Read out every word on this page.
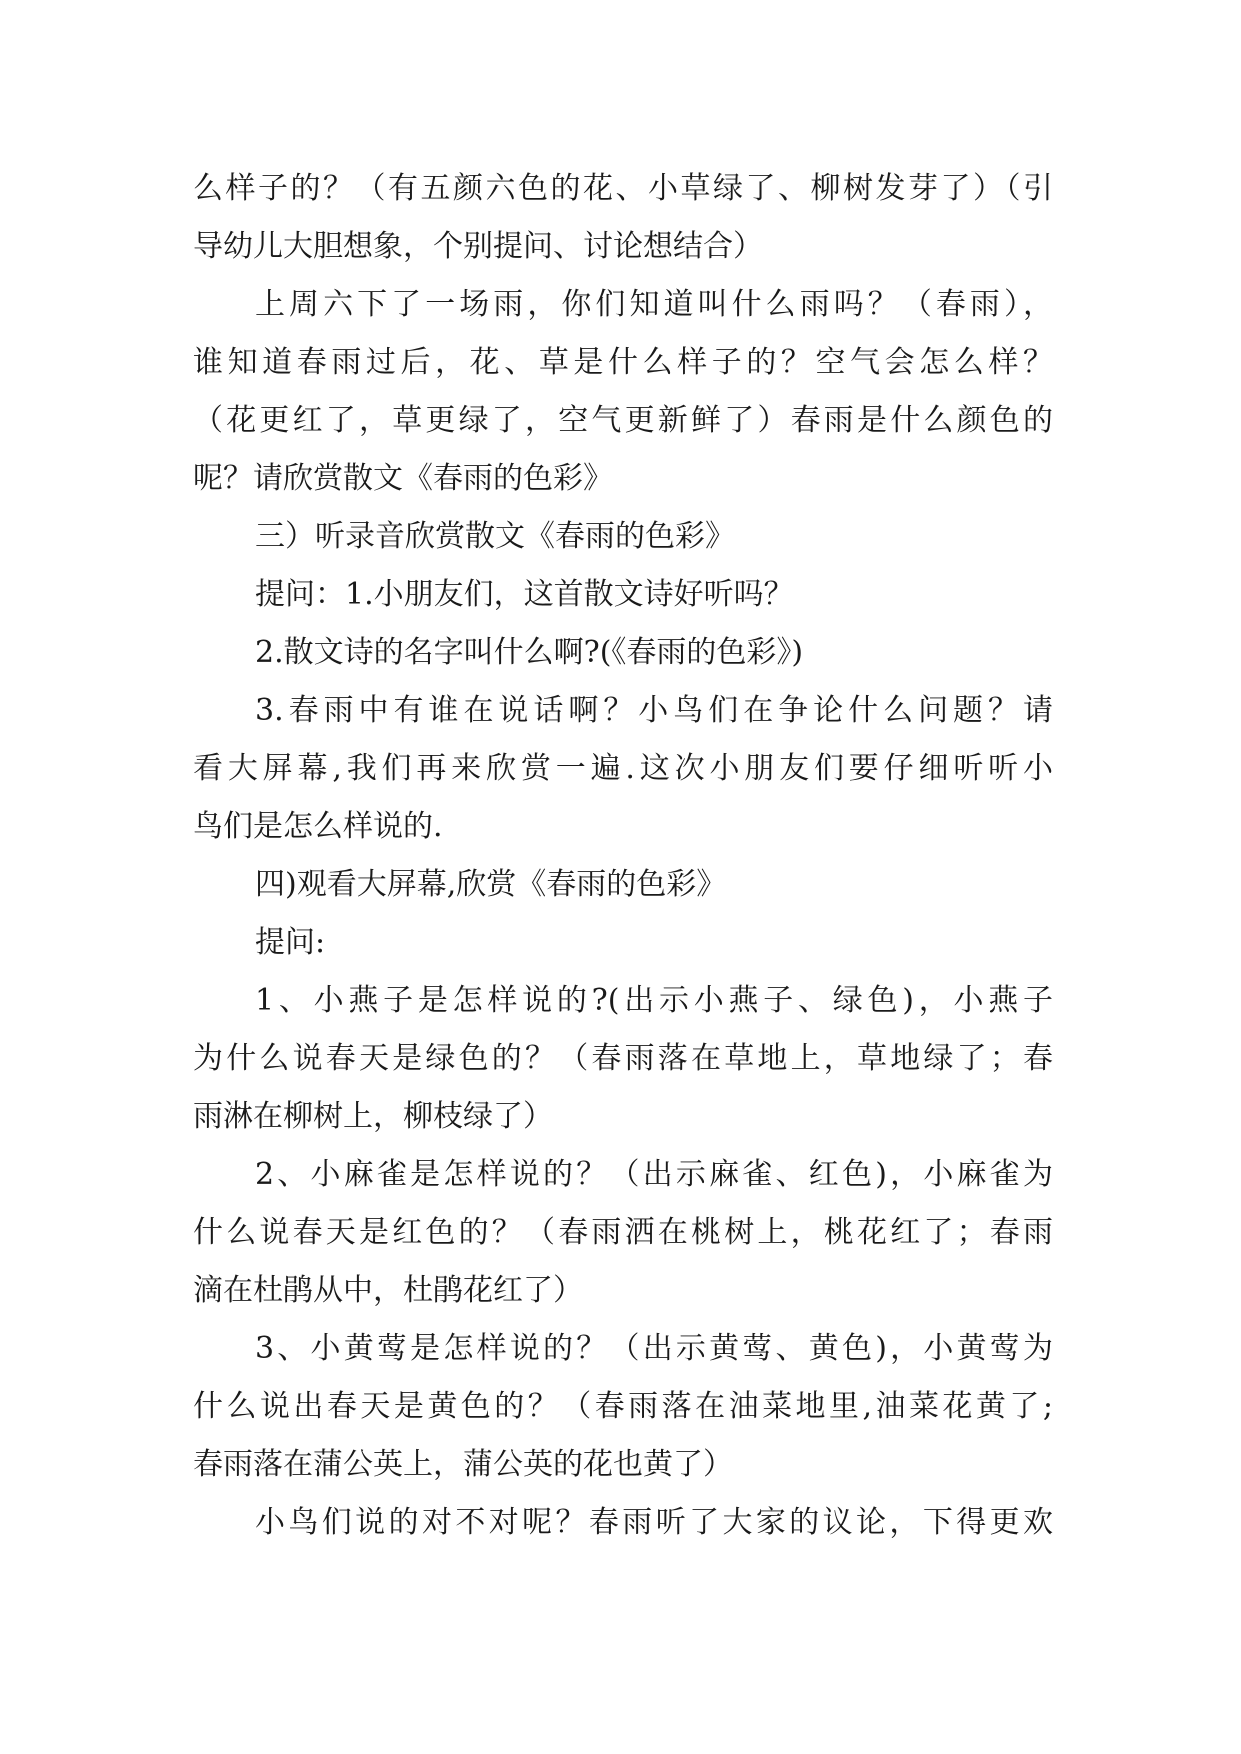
么样子的？（有五颜六色的花、小草绿了、柳树发芽了）（引
导幼儿大胆想象，个别提问、讨论想结合）
上周六下了一场雨，你们知道叫什么雨吗？（春雨），
谁知道春雨过后，花、草是什么样子的？空气会怎么样？
（花更红了，草更绿了，空气更新鲜了）春雨是什么颜色的
呢？请欣赏散文《春雨的色彩》
三）听录音欣赏散文《春雨的色彩》
提问：1.小朋友们，这首散文诗好听吗？
2.散文诗的名字叫什么啊?(《春雨的色彩》)
3.春雨中有谁在说话啊？小鸟们在争论什么问题？请
看大屏幕,我们再来欣赏一遍.这次小朋友们要仔细听听小
鸟们是怎么样说的.
四)观看大屏幕,欣赏《春雨的色彩》
提问:
1、小燕子是怎样说的?(出示小燕子、绿色)，小燕子
为什么说春天是绿色的？（春雨落在草地上，草地绿了；春
雨淋在柳树上，柳枝绿了）
2、小麻雀是怎样说的？（出示麻雀、红色)，小麻雀为
什么说春天是红色的？（春雨洒在桃树上，桃花红了；春雨
滴在杜鹃从中，杜鹃花红了）
3、小黄莺是怎样说的？（出示黄莺、黄色)，小黄莺为
什么说出春天是黄色的？（春雨落在油菜地里,油菜花黄了;
春雨落在蒲公英上，蒲公英的花也黄了）
小鸟们说的对不对呢？春雨听了大家的议论，下得更欢
